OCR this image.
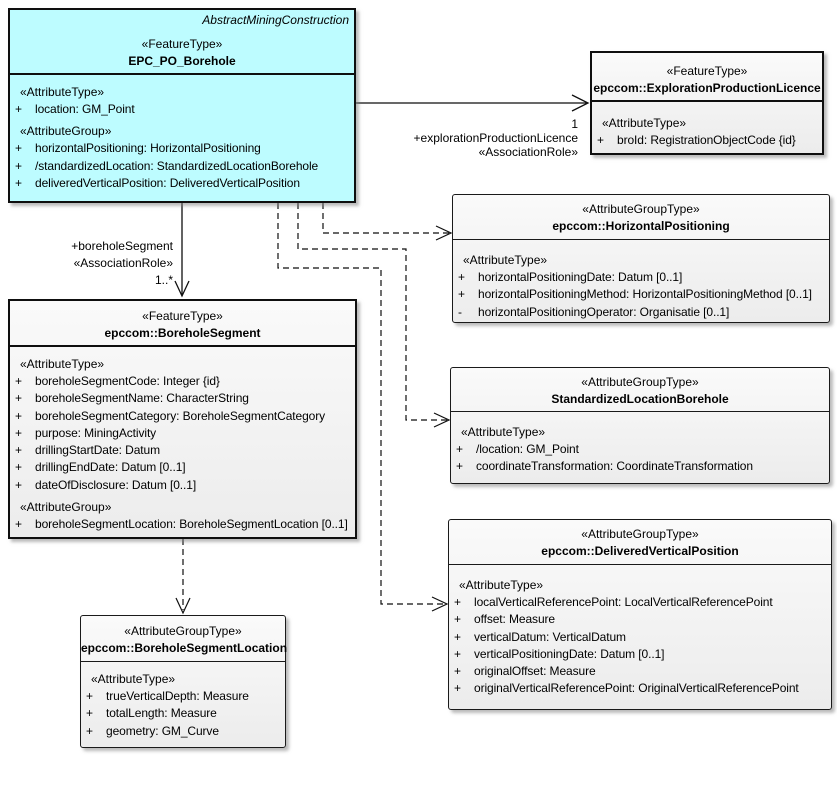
AbstractMiningConstruction
«FeatureType»
EPC_PO_Borehole
«AttributeType»
+	location: GM_Point
«AttributeGroup»
+	horizontalPositioning: HorizontalPositioning
+	/standardizedLocation: StandardizedLocationBorehole
+	deliveredVerticalPosition: DeliveredVerticalPosition
«FeatureType»
epccom::ExplorationProductionLicence
«AttributeType»
+	broId: RegistrationObjectCode {id}
«AttributeGroupType»
epccom::HorizontalPositioning
«AttributeType»
+	horizontalPositioningDate: Datum [0..1]
+	horizontalPositioningMethod: HorizontalPositioningMethod [0..1]
-	horizontalPositioningOperator: Organisatie [0..1]
«AttributeGroupType»
StandardizedLocationBorehole
«AttributeType»
+	/location: GM_Point
+	coordinateTransformation: CoordinateTransformation
«AttributeGroupType»
epccom::DeliveredVerticalPosition
«AttributeType»
+	localVerticalReferencePoint: LocalVerticalReferencePoint
+	offset: Measure
+	verticalDatum: VerticalDatum
+	verticalPositioningDate: Datum [0..1]
+	originalOffset: Measure
+	originalVerticalReferencePoint: OriginalVerticalReferencePoint
«FeatureType»
epccom::BoreholeSegment
«AttributeType»
+	boreholeSegmentCode: Integer {id}
+	boreholeSegmentName: CharacterString
+	boreholeSegmentCategory: BoreholeSegmentCategory
+	purpose: MiningActivity
+	drillingStartDate: Datum
+	drillingEndDate: Datum [0..1]
+	dateOfDisclosure: Datum [0..1]
«AttributeGroup»
+	boreholeSegmentLocation: BoreholeSegmentLocation [0..1]
«AttributeGroupType»
epccom::BoreholeSegmentLocation
«AttributeType»
+	trueVerticalDepth: Measure
+	totalLength: Measure
+	geometry: GM_Curve
1
+explorationProductionLicence
«AssociationRole»
+boreholeSegment
«AssociationRole»
1..*
